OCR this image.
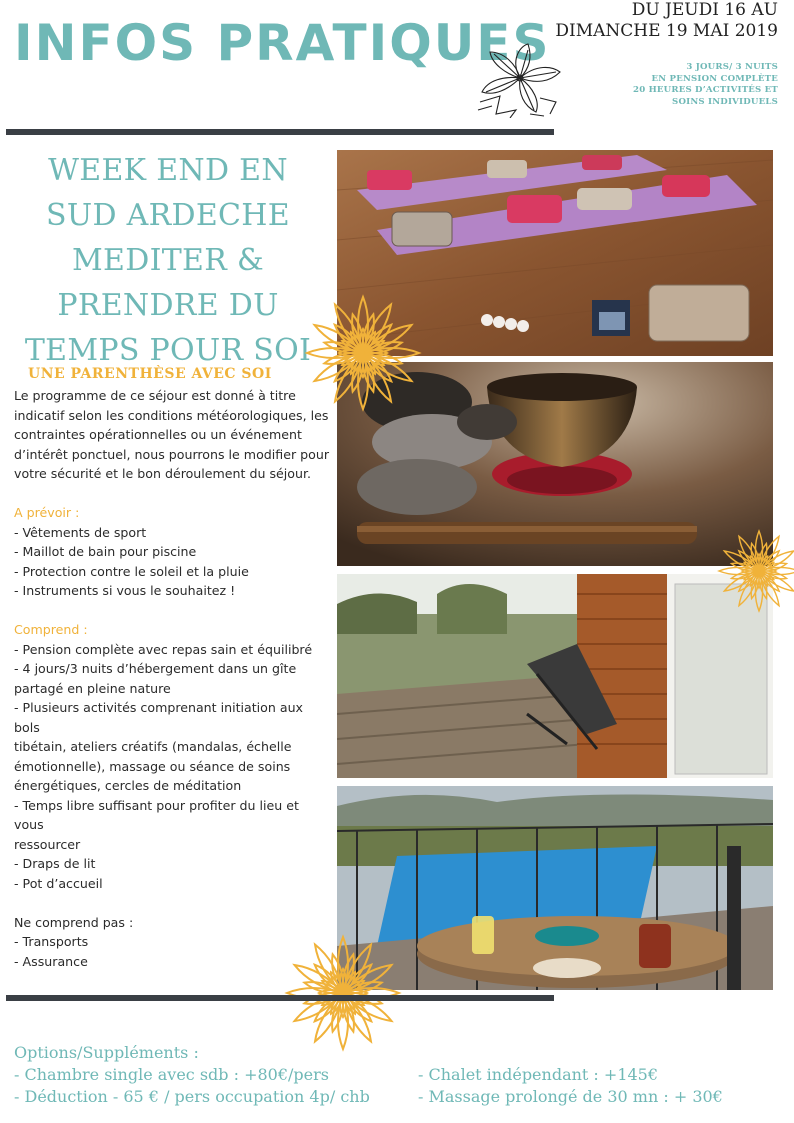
INFOS PRATIQUES
DU JEUDI 16 AU
DIMANCHE 19 MAI 2019
3 JOURS/ 3 NUITS
EN PENSION COMPLÈTE
20 HEURES D’ACTIVITÉS ET
SOINS INDIVIDUELS
WEEK END EN
SUD ARDECHE
MEDITER &
PRENDRE DU
TEMPS POUR SOI
UNE PARENTHÈSE AVEC SOI

Le programme de ce séjour est donné à titre

indicatif selon les conditions météorologiques, les

contraintes opérationnelles ou un événement

d’intérêt ponctuel, nous pourrons le modifier pour

votre sécurité et le bon déroulement du séjour.

A prévoir :

- Vêtements de sport

- Maillot de bain pour piscine

- Protection contre le soleil et la pluie

- Instruments si vous le souhaitez !

Comprend :

- Pension complète avec repas sain et équilibré

- 4 jours/3 nuits d’hébergement dans un gîte

partagé en pleine nature

- Plusieurs activités comprenant initiation aux bols

tibétain, ateliers créatifs (mandalas, échelle

émotionnelle), massage ou séance de soins

énergétiques, cercles de méditation

- Temps libre suffisant pour profiter du lieu et vous

ressourcer

- Draps de lit

- Pot d’accueil

Ne comprend pas :

- Transports

- Assurance

Options/Suppléments :
- Chambre single avec sdb : +80€/pers	- Chalet indépendant : +145€
- Déduction - 65 € / pers occupation 4p/ chb	- Massage prolongé de 30 mn : + 30€
